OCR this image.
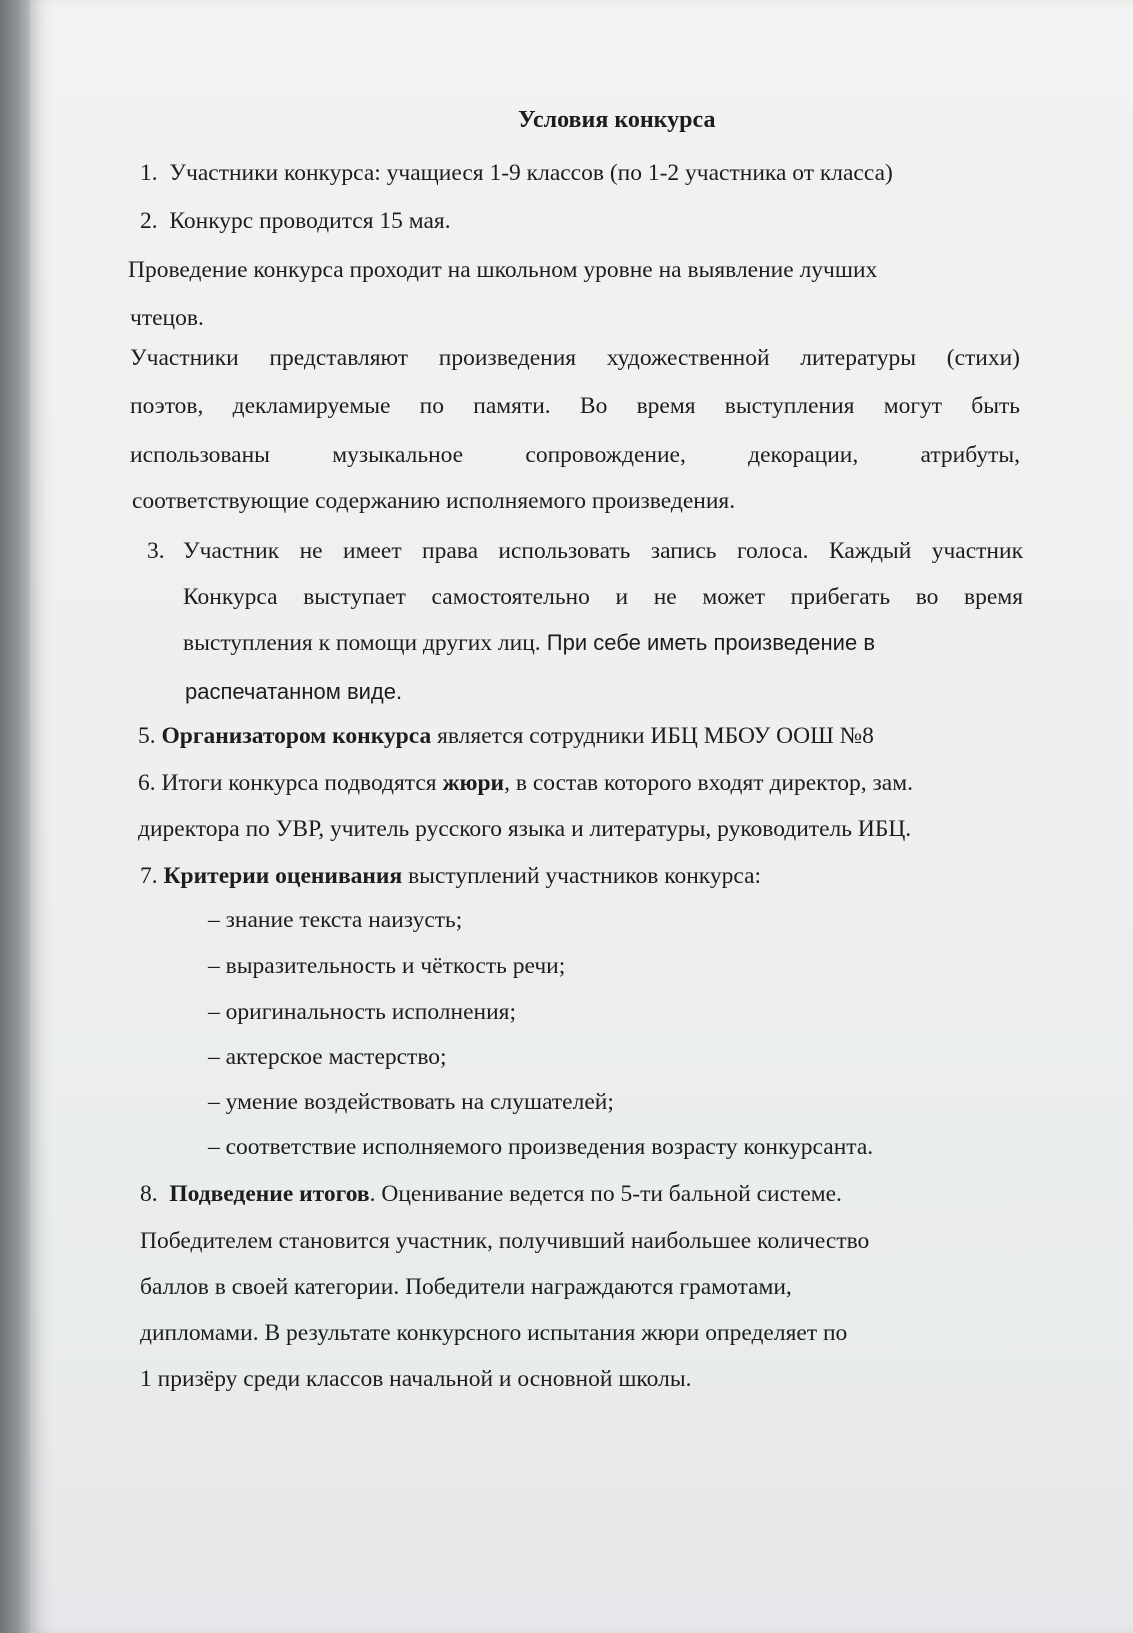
Условия конкурса
1. Участники конкурса: учащиеся 1-9 классов (по 1-2 участника от класса)
2. Конкурс проводится 15 мая.
Проведение конкурса проходит на школьном уровне на выявление лучших
чтецов.
Участники представляют произведения художественной литературы (стихи)
поэтов, декламируемые по памяти. Во время выступления могут быть
использованы музыкальное сопровождение, декорации, атрибуты,
соответствующие содержанию исполняемого произведения.
3. Участник не имеет права использовать запись голоса. Каждый участник
Конкурса выступает самостоятельно и не может прибегать во время
выступления к помощи других лиц. При себе иметь произведение в
распечатанном виде.
5. Организатором конкурса является сотрудники ИБЦ МБОУ ООШ №8
6. Итоги конкурса подводятся жюри, в состав которого входят директор, зам.
директора по УВР, учитель русского языка и литературы, руководитель ИБЦ.
7. Критерии оценивания выступлений участников конкурса:
– знание текста наизусть;
– выразительность и чёткость речи;
– оригинальность исполнения;
– актерское мастерство;
– умение воздействовать на слушателей;
– соответствие исполняемого произведения возрасту конкурсанта.
8. Подведение итогов. Оценивание ведется по 5-ти бальной системе.
Победителем становится участник, получивший наибольшее количество
баллов в своей категории. Победители награждаются грамотами,
дипломами. В результате конкурсного испытания жюри определяет по
1 призёру среди классов начальной и основной школы.
